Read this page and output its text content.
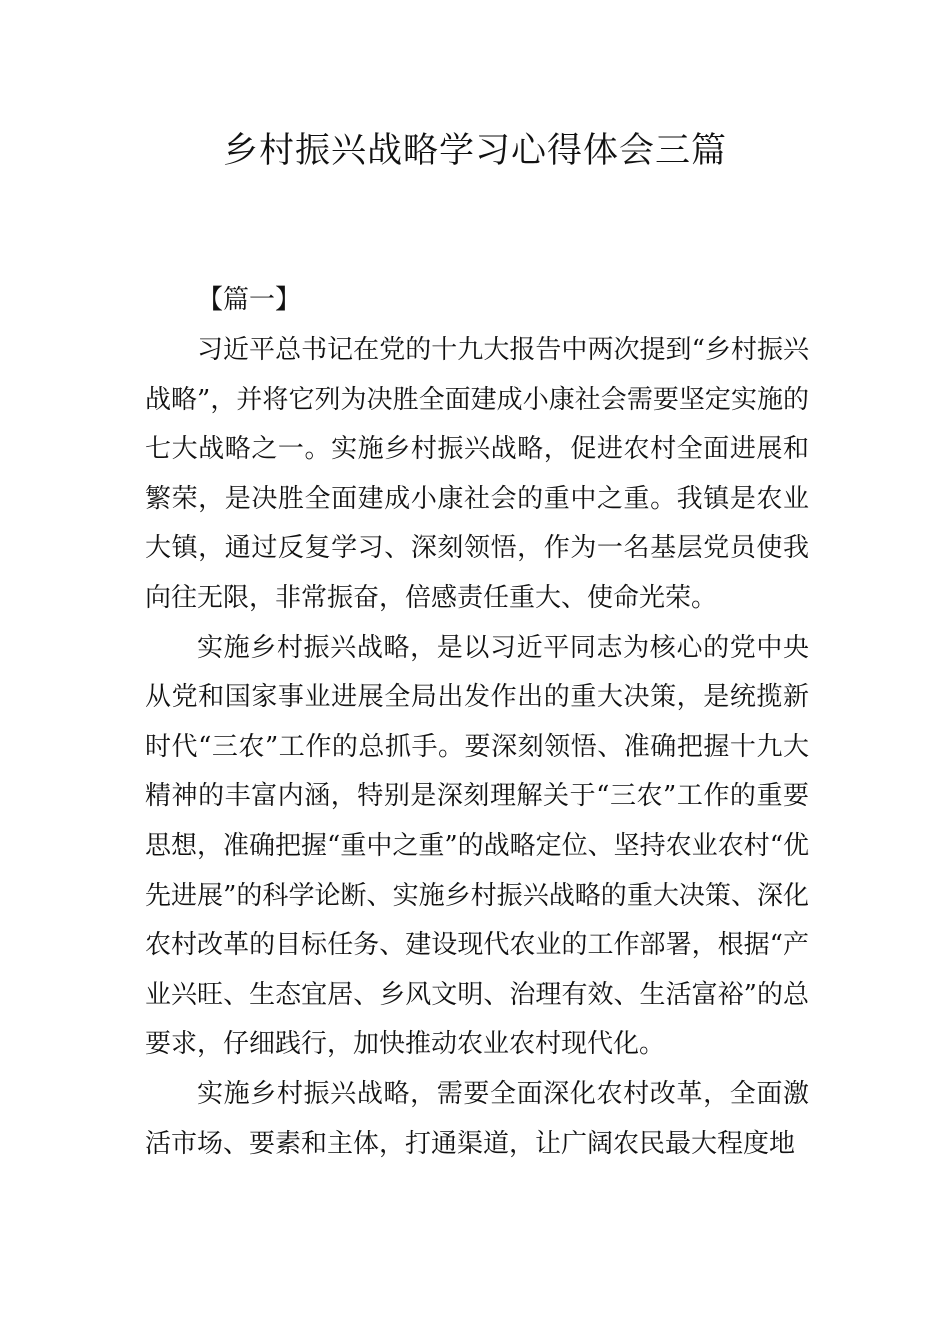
乡村振兴战略学习心得体会三篇

【篇一】

习近平总书记在党的十九大报告中两次提到“乡村振兴战略”，并将它列为决胜全面建成小康社会需要坚定实施的七大战略之一。实施乡村振兴战略，促进农村全面进展和繁荣，是决胜全面建成小康社会的重中之重。我镇是农业大镇，通过反复学习、深刻领悟，作为一名基层党员使我向往无限，非常振奋，倍感责任重大、使命光荣。

实施乡村振兴战略，是以习近平同志为核心的党中央从党和国家事业进展全局出发作出的重大决策，是统揽新时代“三农”工作的总抓手。要深刻领悟、准确把握十九大精神的丰富内涵，特别是深刻理解关于“三农”工作的重要思想，准确把握“重中之重”的战略定位、坚持农业农村“优先进展”的科学论断、实施乡村振兴战略的重大决策、深化农村改革的目标任务、建设现代农业的工作部署，根据“产业兴旺、生态宜居、乡风文明、治理有效、生活富裕”的总要求，仔细践行，加快推动农业农村现代化。

实施乡村振兴战略，需要全面深化农村改革，全面激活市场、要素和主体，打通渠道，让广阔农民最大程度地
